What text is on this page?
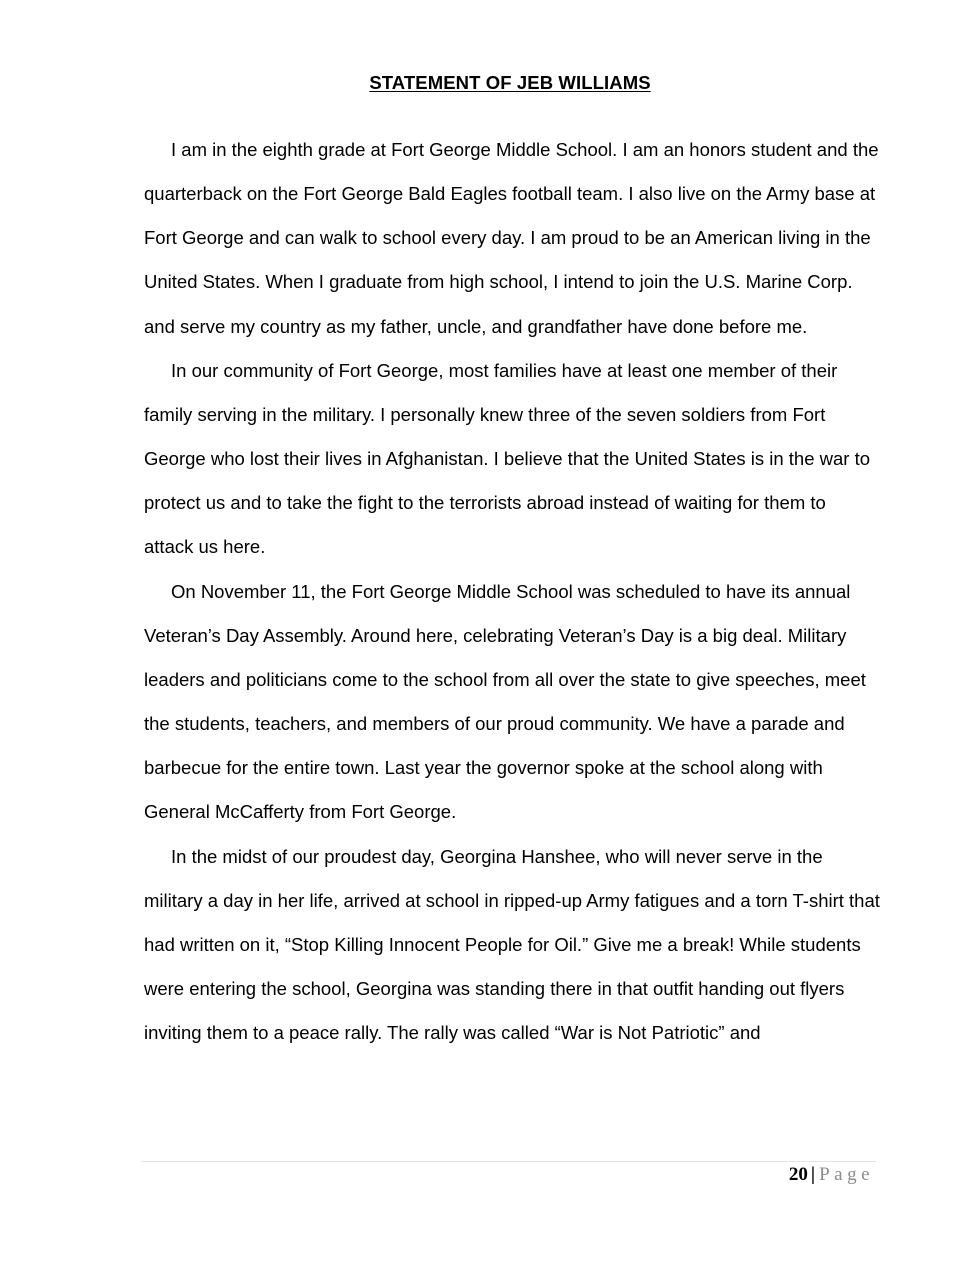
STATEMENT OF JEB WILLIAMS

I am in the eighth grade at Fort George Middle School. I am an honors student and the quarterback on the Fort George Bald Eagles football team. I also live on the Army base at Fort George and can walk to school every day. I am proud to be an American living in the United States. When I graduate from high school, I intend to join the U.S. Marine Corp. and serve my country as my father, uncle, and grandfather have done before me.

In our community of Fort George, most families have at least one member of their family serving in the military. I personally knew three of the seven soldiers from Fort George who lost their lives in Afghanistan. I believe that the United States is in the war to protect us and to take the fight to the terrorists abroad instead of waiting for them to attack us here.

On November 11, the Fort George Middle School was scheduled to have its annual Veteran’s Day Assembly. Around here, celebrating Veteran’s Day is a big deal. Military leaders and politicians come to the school from all over the state to give speeches, meet the students, teachers, and members of our proud community. We have a parade and barbecue for the entire town. Last year the governor spoke at the school along with General McCafferty from Fort George.

In the midst of our proudest day, Georgina Hanshee, who will never serve in the military a day in her life, arrived at school in ripped-up Army fatigues and a torn T-shirt that had written on it, “Stop Killing Innocent People for Oil.” Give me a break! While students were entering the school, Georgina was standing there in that outfit handing out flyers inviting them to a peace rally. The rally was called “War is Not Patriotic” and

20 | Page
